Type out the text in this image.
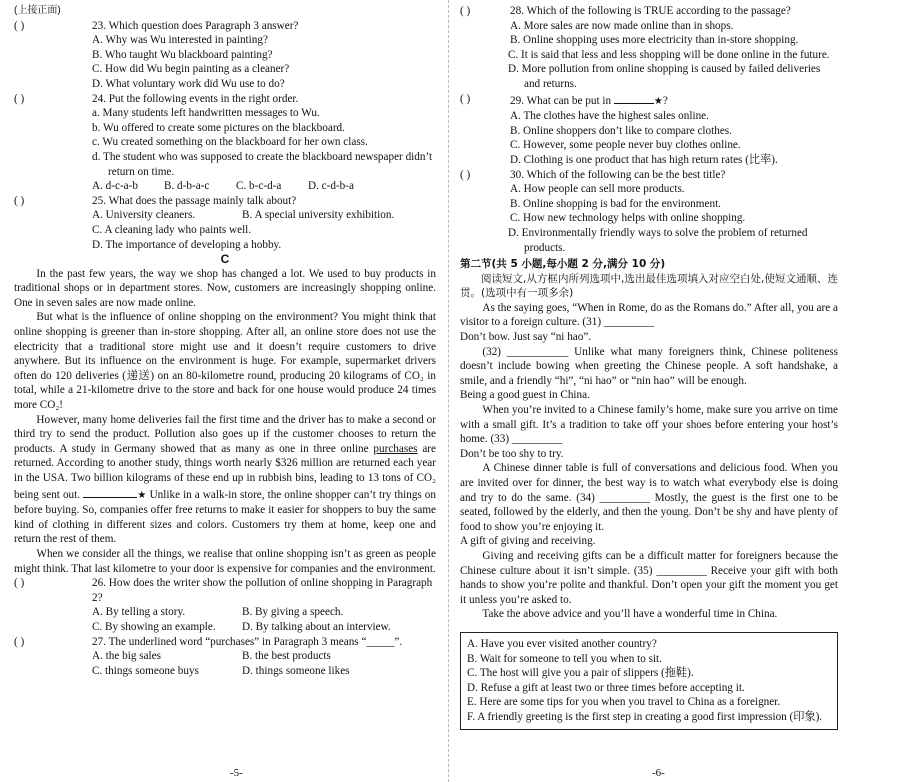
(上接正面)
( )	23. Which question does Paragraph 3 answer?
A. Why was Wu interested in painting?
B. Who taught Wu blackboard painting?
C. How did Wu begin painting as a cleaner?
D. What voluntary work did Wu use to do?
( )	24. Put the following events in the right order.
a. Many students left handwritten messages to Wu.
b. Wu offered to create some pictures on the blackboard.
c. Wu created something on the blackboard for her own class.
d. The student who was supposed to create the blackboard newspaper didn’t return on time.
A. d-c-a-b	B. d-b-a-c	C. b-c-d-a	D. c-d-b-a
( )	25. What does the passage mainly talk about?
A. University cleaners.	B. A special university exhibition.
C. A cleaning lady who paints well.
D. The importance of developing a hobby.
C
In the past few years, the way we shop has changed a lot. We used to buy products in traditional shops or in department stores. Now, customers are increasingly shopping online. One in seven sales are now made online.
But what is the influence of online shopping on the environment? You might think that online shopping is greener than in-store shopping. After all, an online store does not use the electricity that a traditional store might use and it doesn’t require customers to drive anywhere. But its influence on the environment is huge. For example, supermarket drivers often do 120 deliveries (递送) on an 80-kilometre round, producing 20 kilograms of CO₂ in total, while a 21-kilometre drive to the store and back for one house would produce 24 times more CO₂!
However, many home deliveries fail the first time and the driver has to make a second or third try to send the product. Pollution also goes up if the customer chooses to return the products. A study in Germany showed that as many as one in three online purchases are returned. According to another study, things worth nearly $326 million are returned each year in the USA. Two billion kilograms of these end up in rubbish bins, leading to 13 tons of CO₂ being sent out.	★ Unlike in a walk-in store, the online shopper can’t try things on before buying. So, companies offer free returns to make it easier for shoppers to buy the same kind of clothing in different sizes and colors. Customers try them at home, keep one and return the rest of them.
When we consider all the things, we realise that online shopping isn’t as green as people might think. That last kilometre to your door is expensive for companies and the environment.
( )	26. How does the writer show the pollution of online shopping in Paragraph 2?
A. By telling a story.	B. By giving a speech.
C. By showing an example.	D. By talking about an interview.
( )	27. The underlined word “purchases” in Paragraph 3 means “_____”.
A. the big sales	B. the best products
C. things someone buys	D. things someone likes
-5-
( )	28. Which of the following is TRUE according to the passage?
A. More sales are now made online than in shops.
B. Online shopping uses more electricity than in-store shopping.
C. It is said that less and less shopping will be done online in the future.
D. More pollution from online shopping is caused by failed deliveries and returns.
( )	29. What can be put in	★?
A. The clothes have the highest sales online.
B. Online shoppers don’t like to compare clothes.
C. However, some people never buy clothes online.
D. Clothing is one product that has high return rates (比率).
( )	30. Which of the following can be the best title?
A. How people can sell more products.
B. Online shopping is bad for the environment.
C. How new technology helps with online shopping.
D. Environmentally friendly ways to solve the problem of returned products.
第二节(共 5 小题,每小题 2 分,满分 10 分)
阅读短文,从方框内所列选项中,选出最佳选项填入对应空白处,使短文通顺、连贯。(选项中有一项多余)
As the saying goes, “When in Rome, do as the Romans do.” After all, you are a visitor to a foreign culture. (31) _________
Don’t bow. Just say “ni hao”.
(32) ___________ Unlike what many foreigners think, Chinese politeness doesn’t include bowing when greeting the Chinese people. A soft handshake, a smile, and a friendly “hi”, “ni hao” or “nin hao” will be enough.
Being a good guest in China.
When you’re invited to a Chinese family’s home, make sure you arrive on time with a small gift. It’s a tradition to take off your shoes before entering your host’s home. (33) _________
Don’t be too shy to try.
A Chinese dinner table is full of conversations and delicious food. When you are invited over for dinner, the best way is to watch what everybody else is doing and try to do the same. (34) _________ Mostly, the guest is the first one to be seated, followed by the elderly, and then the young. Don’t be shy and have plenty of food to show you’re enjoying it.
A gift of giving and receiving.
Giving and receiving gifts can be a difficult matter for foreigners because the Chinese culture about it isn’t simple. (35) _________ Receive your gift with both hands to show you’re polite and thankful. Don’t open your gift the moment you get it unless you’re asked to.
Take the above advice and you’ll have a wonderful time in China.
A. Have you ever visited another country?
B. Wait for someone to tell you when to sit.
C. The host will give you a pair of slippers (拖鞋).
D. Refuse a gift at least two or three times before accepting it.
E. Here are some tips for you when you travel to China as a foreigner.
F. A friendly greeting is the first step in creating a good first impression (印象).
-6-
